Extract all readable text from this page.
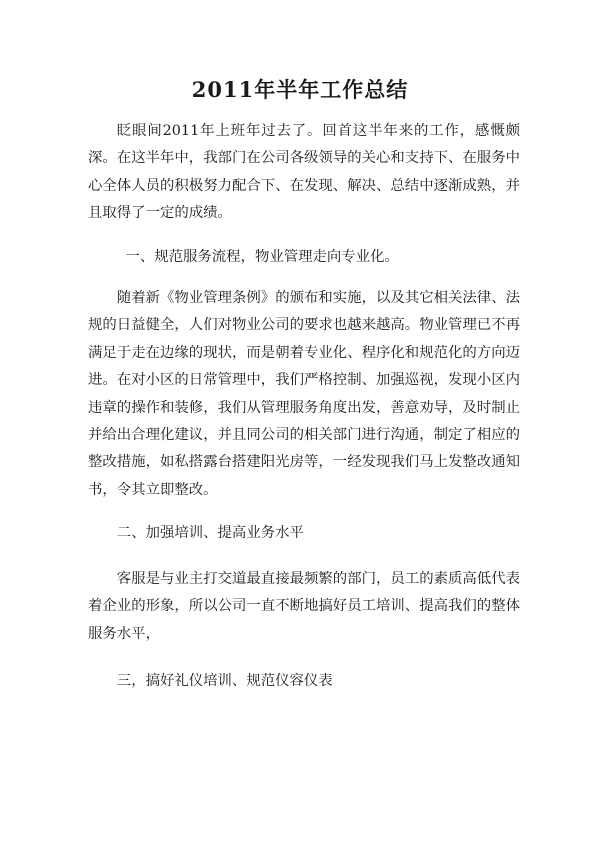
2011年半年工作总结

眨眼间2011年上班年过去了。回首这半年来的工作，感慨颇深。在这半年中，我部门在公司各级领导的关心和支持下、在服务中心全体人员的积极努力配合下、在发现、解决、总结中逐渐成熟，并且取得了一定的成绩。

一、规范服务流程，物业管理走向专业化。

随着新《物业管理条例》的颁布和实施，以及其它相关法律、法规的日益健全，人们对物业公司的要求也越来越高。物业管理已不再满足于走在边缘的现状，而是朝着专业化、程序化和规范化的方向迈进。在对小区的日常管理中，我们严格控制、加强巡视，发现小区内违章的操作和装修，我们从管理服务角度出发，善意劝导，及时制止并给出合理化建议，并且同公司的相关部门进行沟通，制定了相应的整改措施，如私搭露台搭建阳光房等，一经发现我们马上发整改通知书，令其立即整改。

二、加强培训、提高业务水平

客服是与业主打交道最直接最频繁的部门，员工的素质高低代表着企业的形象，所以公司一直不断地搞好员工培训、提高我们的整体服务水平，

三，搞好礼仪培训、规范仪容仪表
